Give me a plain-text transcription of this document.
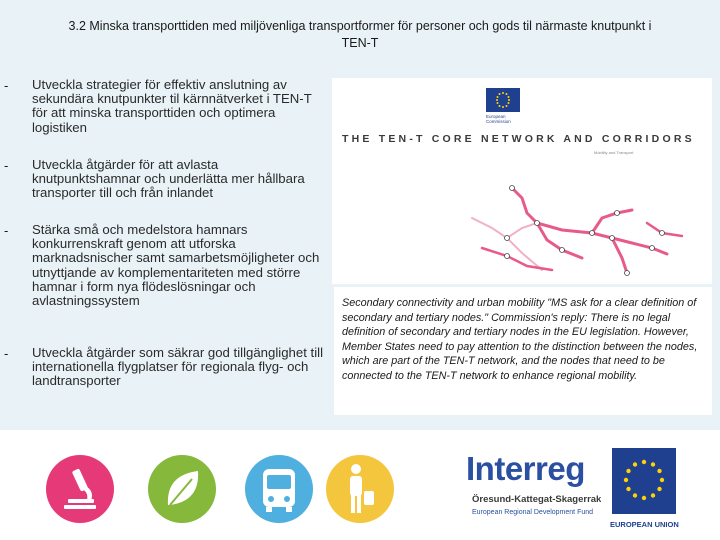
3.2 Minska transporttiden med miljövenliga transportformer för personer och gods til närmaste knutpunkt i TEN-T
- Utveckla strategier för effektiv anslutning av sekundära knutpunkter til kärnnätverket i TEN-T för att minska transporttiden och optimera logistiken
- Utveckla åtgärder för att avlasta knutpunktshamnar och underlätta mer hållbara transporter till och från inlandet
- Stärka små och medelstora hamnars konkurrenskraft genom att utforska marknadsnischer samt samarbetsmöjligheter och utnyttjande av komplementariteten med större hamnar i form nya flödeslösningar och avlastningssystem
- Utveckla åtgärder som säkrar god tillgänglighet till internationella flygplatser för regionala flyg- och landtransporter
European Commission
THE TEN-T CORE NETWORK AND CORRIDORS
Mobility and Transport
Secondary connectivity and urban mobility "MS ask for a clear definition of secondary and tertiary nodes." Commission's reply: There is no legal definition of secondary and tertiary nodes in the EU legislation. However, Member States need to pay attention to the distinction between the nodes, which are part of the TEN-T network, and the nodes that need to be connected to the TEN-T network to enhance regional mobility.
Interreg
Öresund-Kattegat-Skagerrak
European Regional Development Fund
EUROPEAN UNION
